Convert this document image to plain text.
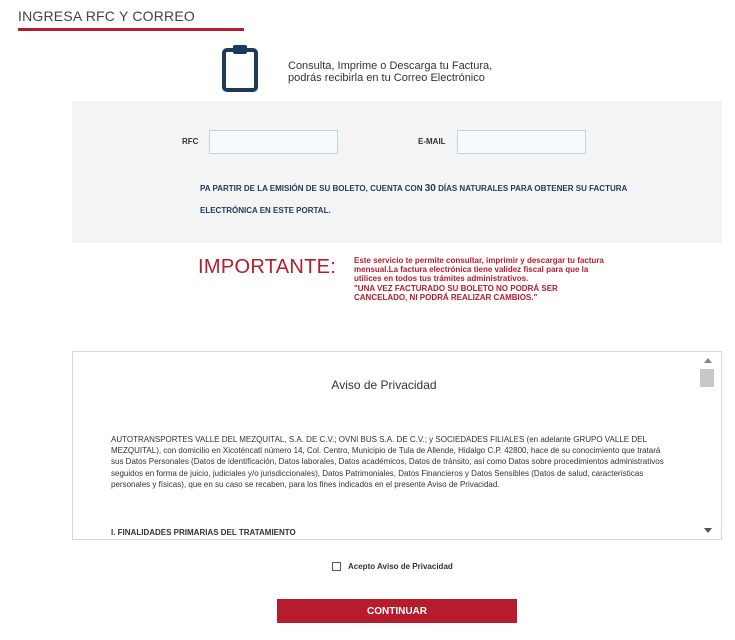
INGRESA RFC Y CORREO
Consulta, Imprime o Descarga tu Factura,
podrás recibirla en tu Correo Electrónico
RFC	E-MAIL
PA PARTIR DE LA EMISIÓN DE SU BOLETO, CUENTA CON 30 DÍAS NATURALES PARA OBTENER SU FACTURA
ELECTRÓNICA EN ESTE PORTAL.
IMPORTANTE: Este servicio te permite consultar, imprimir y descargar tu factura mensual.La factura electrónica tiene validez fiscal para que la utilices en todos tus trámites administrativos.
"UNA VEZ FACTURADO SU BOLETO NO PODRÁ SER CANCELADO, NI PODRÁ REALIZAR CAMBIOS."
Aviso de Privacidad
AUTOTRANSPORTES VALLE DEL MEZQUITAL, S.A. DE C.V.; OVNI BUS S.A. DE C.V.; y SOCIEDADES FILIALES (en adelante GRUPO VALLE DEL MEZQUITAL), con domicilio en Xicoténcatl número 14, Col. Centro, Municipio de Tula de Allende, Hidalgo C.P. 42800, hace de su conocimiento que tratará sus Datos Personales (Datos de identificación, Datos laborales, Datos académicos, Datos de tránsito, así como Datos sobre procedimientos administrativos seguidos en forma de juicio, judiciales y/o jurisdiccionales), Datos Patrimoniales, Datos Financieros y Datos Sensibles (Datos de salud, características personales y físicas), que en su caso se recaben, para los fines indicados en el presente Aviso de Privacidad.
I. FINALIDADES PRIMARIAS DEL TRATAMIENTO
Acepto Aviso de Privacidad
CONTINUAR
